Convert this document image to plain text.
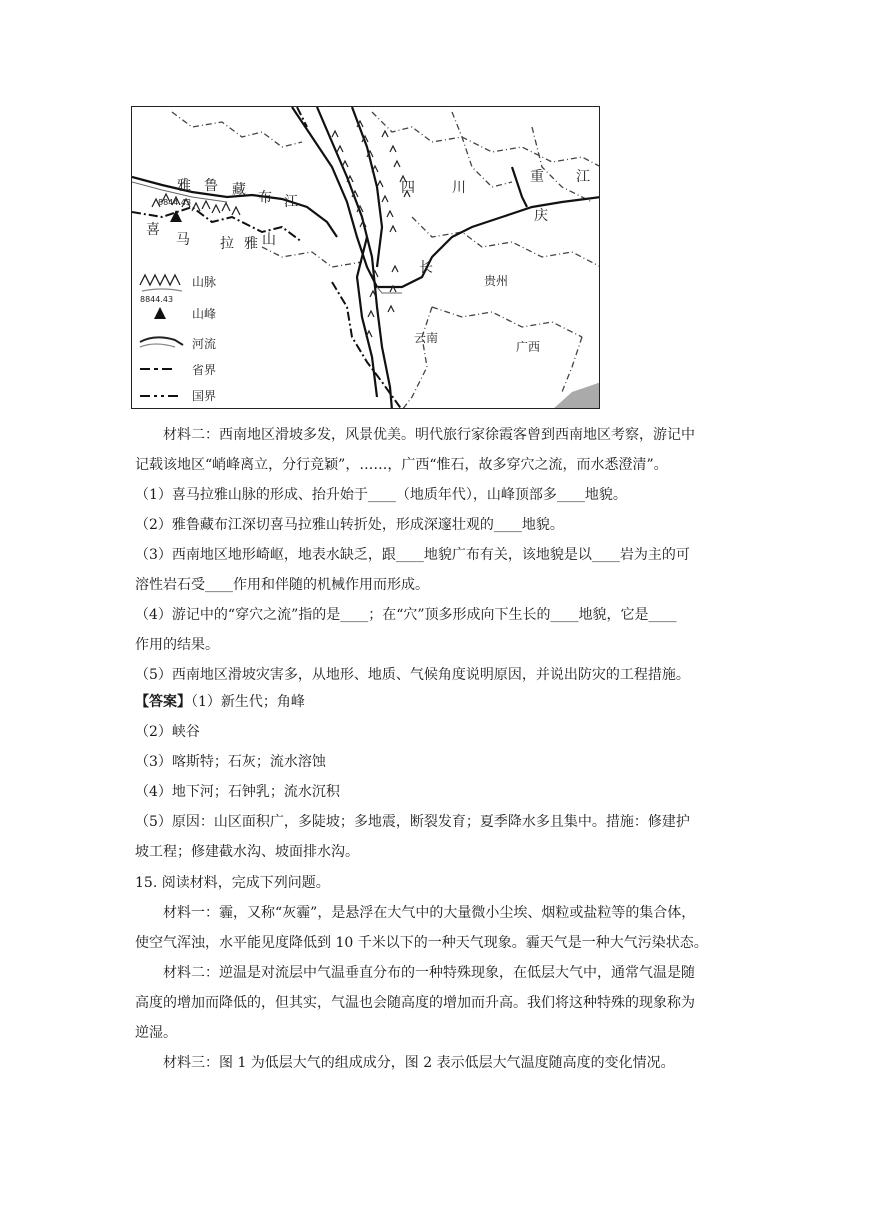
雅 鲁 藏 布 江
8844.43
喜
马 拉 雅 山
四	川
重
庆
江
长
贵州
云南
广西
山脉
8844.43
山峰
河流
省界
国界
材料二：西南地区滑坡多发，风景优美。明代旅行家徐霞客曾到西南地区考察，游记中
记载该地区“峭峰离立，分行竞颖”，……，广西“惟石，故多穿穴之流，而水悉澄清”。
（1）喜马拉雅山脉的形成、抬升始于____（地质年代），山峰顶部多____地貌。
（2）雅鲁藏布江深切喜马拉雅山转折处，形成深邃壮观的____地貌。
（3）西南地区地形崎岖，地表水缺乏，跟____地貌广布有关，该地貌是以____岩为主的可
溶性岩石受____作用和伴随的机械作用而形成。
（4）游记中的“穿穴之流”指的是____；在“穴”顶多形成向下生长的____地貌，它是____
作用的结果。
（5）西南地区滑坡灾害多，从地形、地质、气候角度说明原因，并说出防灾的工程措施。
【答案】（1）新生代；角峰
（2）峡谷
（3）喀斯特；石灰；流水溶蚀
（4）地下河；石钟乳；流水沉积
（5）原因：山区面积广，多陡坡；多地震，断裂发育；夏季降水多且集中。措施：修建护
坡工程；修建截水沟、坡面排水沟。
15. 阅读材料，完成下列问题。
材料一：霾，又称“灰霾”，是悬浮在大气中的大量微小尘埃、烟粒或盐粒等的集合体，
使空气浑浊，水平能见度降低到 10 千米以下的一种天气现象。霾天气是一种大气污染状态。
材料二：逆温是对流层中气温垂直分布的一种特殊现象，在低层大气中，通常气温是随
高度的增加而降低的，但其实，气温也会随高度的增加而升高。我们将这种特殊的现象称为
逆湿。
材料三：图 1 为低层大气的组成成分，图 2 表示低层大气温度随高度的变化情况。
